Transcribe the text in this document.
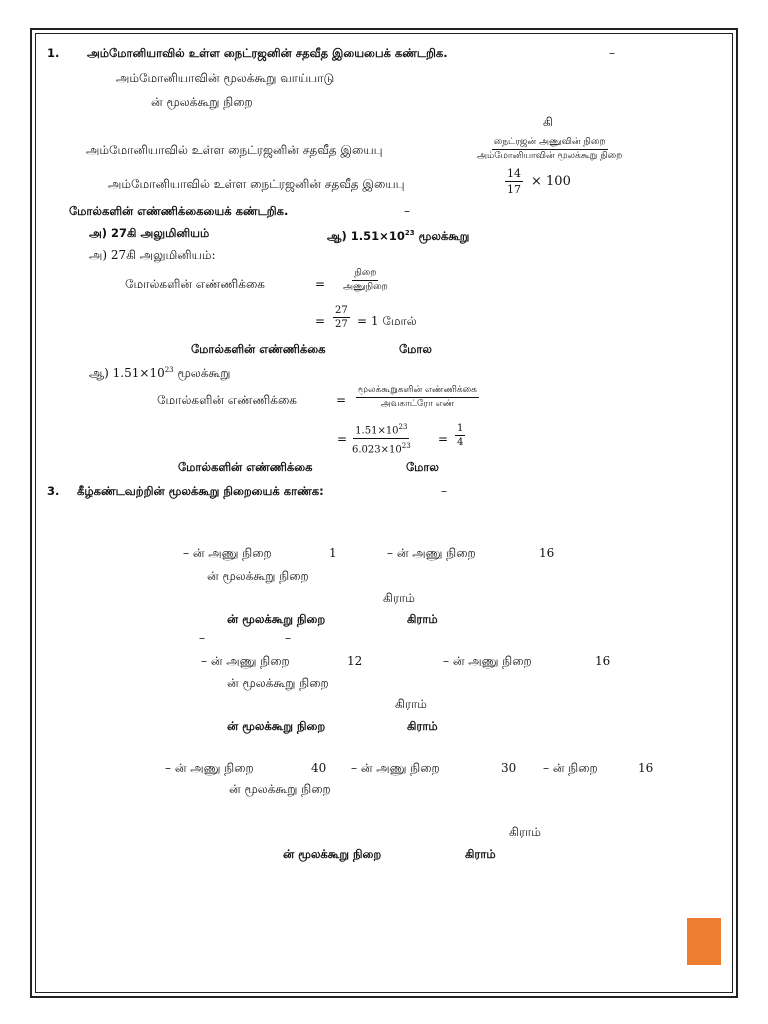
1. அம்மோனியாவில் உள்ள நைட்ரஜனின் சதவீத இயைபைக் கண்டறிக.	–
அம்மோனியாவின் மூலக்கூறு வாய்பாடு
ன் மூலக்கூறு நிறை
கி
அம்மோனியாவில் உள்ள நைட்ரஜனின் சதவீத இயைபு
நைட்ரஜன் அணுவின் நிறை
அம்மோனியாவின் மூலக்கூறு நிறை
அம்மோனியாவில் உள்ள நைட்ரஜனின் சதவீத இயைபு	$\frac{14}{17} \times 100$
மோல்களின் எண்ணிக்கையைக் கண்டறிக.	–
அ) 27கி அலுமினியம்	ஆ) $1.51\times 10^{23}$ மூலக்கூறு
அ) 27கி அலுமினியம்:
மோல்களின் எண்ணிக்கை	=
நிறை
அணுநிறை
= $\frac{27}{27} = 1$ மோல்
மோல்களின் எண்ணிக்கை	மோல
ஆ) $1.51\times 10^{23}$ மூலக்கூறு
மோல்களின் எண்ணிக்கை	=
மூலக்கூறுகளின் எண்ணிக்கை
அவகாட்ரோ எண்
= $\frac{1.51\times 10^{23}}{6.023\times 10^{23}} = \frac{1}{4}$
மோல்களின் எண்ணிக்கை	மோல
3. கீழ்கண்டவற்றின் மூலக்கூறு நிறையைக் காண்க:	–
– ன் அணு நிறை	1	– ன் அணு நிறை	16
ன் மூலக்கூறு நிறை
கிராம்
ன் மூலக்கூறு நிறை	கிராம்
–	–
– ன் அணு நிறை	12	– ன் அணு நிறை	16
ன் மூலக்கூறு நிறை
கிராம்
ன் மூலக்கூறு நிறை	கிராம்
– ன் அணு நிறை	40 – ன் அணு நிறை	30 – ன் நிறை	16
ன் மூலக்கூறு நிறை
கிராம்
ன் மூலக்கூறு நிறை	கிராம்
